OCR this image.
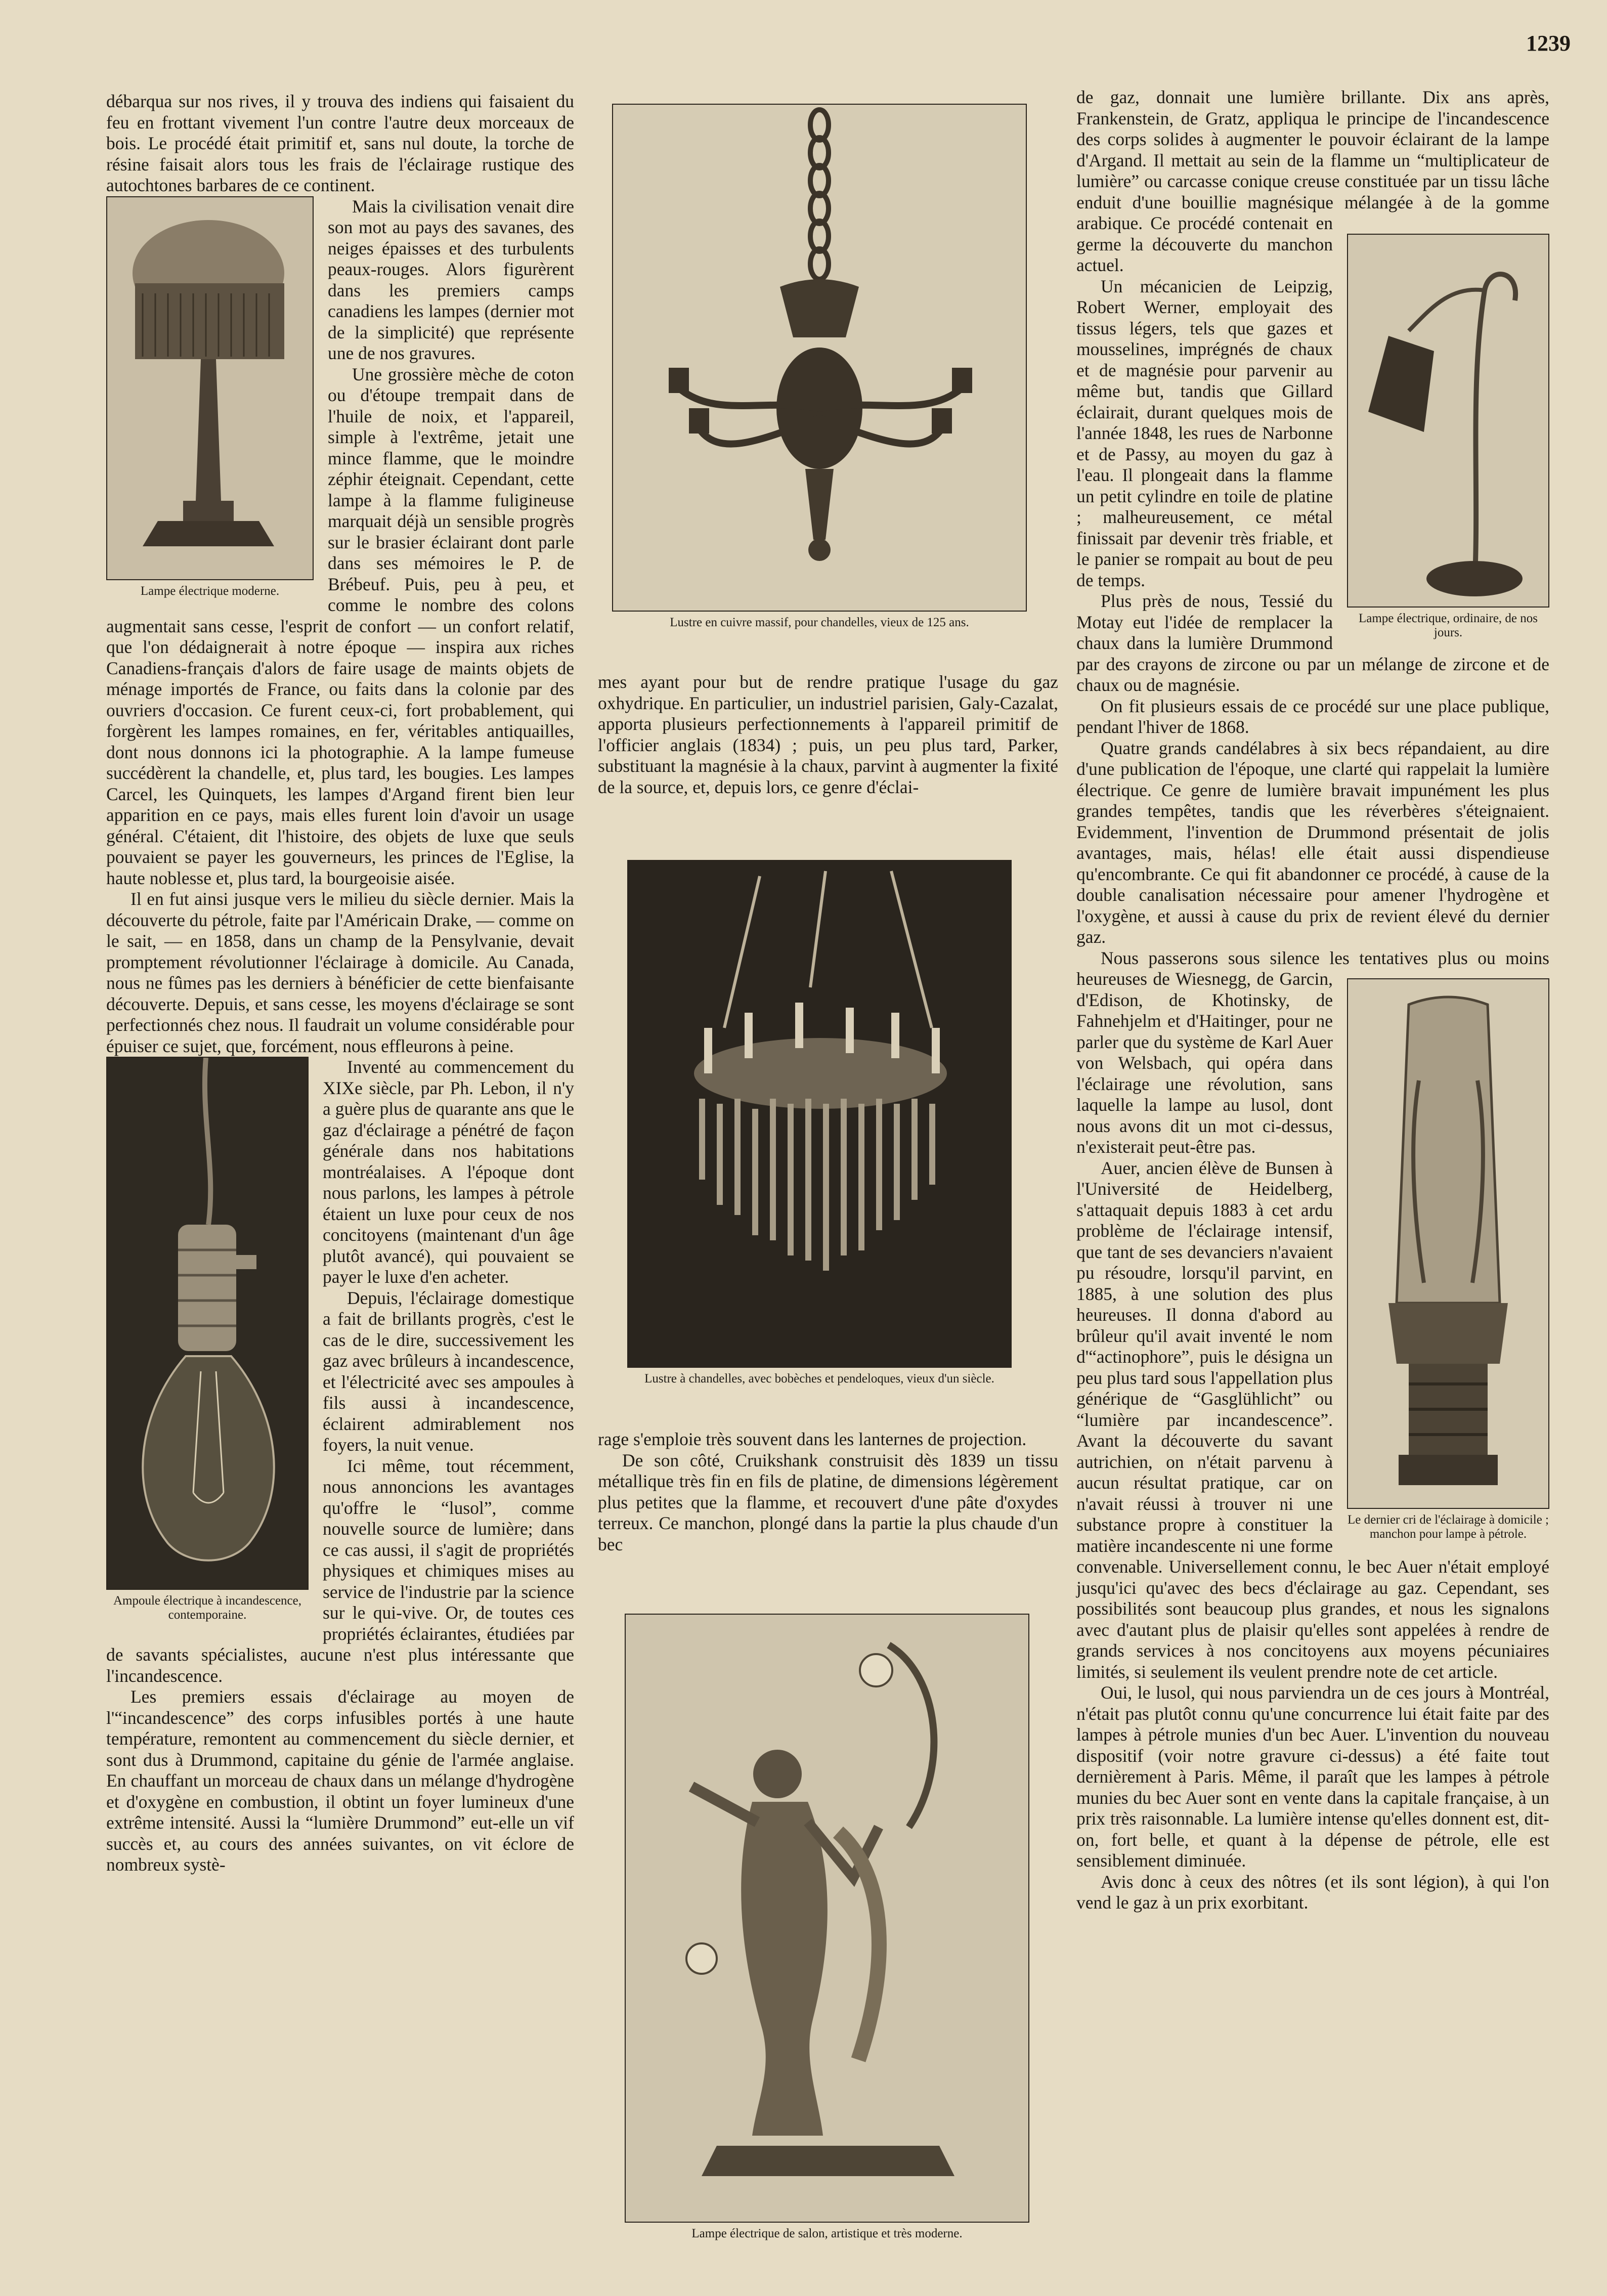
1239

débarqua sur nos rives, il y trouva des indiens qui faisaient du feu en frottant vivement l'un contre l'autre deux morceaux de bois. Le procédé était primitif et, sans nul doute, la torche de résine faisait alors tous les frais de l'éclairage rustique des autochtones barbares de ce continent.

Lampe électrique moderne.

Mais la civilisation venait dire son mot au pays des savanes, des neiges épaisses et des turbulents peaux-rouges. Alors figurèrent dans les premiers camps canadiens les lampes (dernier mot de la simplicité) que représente une de nos gravures.

Une grossière mèche de coton ou d'étoupe trempait dans de l'huile de noix, et l'appareil, simple à l'extrême, jetait une mince flamme, que le moindre zéphir éteignait. Cependant, cette lampe à la flamme fuligineuse marquait déjà un sensible progrès sur le brasier éclairant dont parle dans ses mémoires le P. de Brébeuf. Puis, peu à peu, et comme le nombre des colons augmentait sans cesse, l'esprit de confort — un confort relatif, que l'on dédaignerait à notre époque — inspira aux riches Canadiens-français d'alors de faire usage de maints objets de ménage importés de France, ou faits dans la colonie par des ouvriers d'occasion. Ce furent ceux-ci, fort probablement, qui forgèrent les lampes romaines, en fer, véritables antiquailles, dont nous donnons ici la photographie. A la lampe fumeuse succédèrent la chandelle, et, plus tard, les bougies. Les lampes Carcel, les Quinquets, les lampes d'Argand firent bien leur apparition en ce pays, mais elles furent loin d'avoir un usage général. C'étaient, dit l'histoire, des objets de luxe que seuls pouvaient se payer les gouverneurs, les princes de l'Eglise, la haute noblesse et, plus tard, la bourgeoisie aisée.

Il en fut ainsi jusque vers le milieu du siècle dernier. Mais la découverte du pétrole, faite par l'Américain Drake, — comme on le sait, — en 1858, dans un champ de la Pensylvanie, devait promptement révolutionner l'éclairage à domicile. Au Canada, nous ne fûmes pas les derniers à bénéficier de cette bienfaisante découverte. Depuis, et sans cesse, les moyens d'éclairage se sont perfectionnés chez nous. Il faudrait un volume considérable pour épuiser ce sujet, que, forcément, nous effleurons à peine.

Ampoule électrique à incandescence, contemporaine.

Inventé au commencement du XIXe siècle, par Ph. Lebon, il n'y a guère plus de quarante ans que le gaz d'éclairage a pénétré de façon générale dans nos habitations montréalaises. A l'époque dont nous parlons, les lampes à pétrole étaient un luxe pour ceux de nos concitoyens (maintenant d'un âge plutôt avancé), qui pouvaient se payer le luxe d'en acheter.

Depuis, l'éclairage domestique a fait de brillants progrès, c'est le cas de le dire, successivement les gaz avec brûleurs à incandescence, et l'électricité avec ses ampoules à fils aussi à incandescence, éclairent admirablement nos foyers, la nuit venue.

Ici même, tout récemment, nous annoncions les avantages qu'offre le “lusol”, comme nouvelle source de lumière; dans ce cas aussi, il s'agit de propriétés physiques et chimiques mises au service de l'industrie par la science sur le qui-vive. Or, de toutes ces propriétés éclairantes, étudiées par de savants spécialistes, aucune n'est plus intéressante que l'incandescence.

Les premiers essais d'éclairage au moyen de l'“incandescence” des corps infusibles portés à une haute température, remontent au commencement du siècle dernier, et sont dus à Drummond, capitaine du génie de l'armée anglaise. En chauffant un morceau de chaux dans un mélange d'hydrogène et d'oxygène en combustion, il obtint un foyer lumineux d'une extrême intensité. Aussi la “lumière Drummond” eut-elle un vif succès et, au cours des années suivantes, on vit éclore de nombreux systè-

Lustre en cuivre massif, pour chandelles, vieux de 125 ans.

mes ayant pour but de rendre pratique l'usage du gaz oxhydrique. En particulier, un industriel parisien, Galy-Cazalat, apporta plusieurs perfectionnements à l'appareil primitif de l'officier anglais (1834) ; puis, un peu plus tard, Parker, substituant la magnésie à la chaux, parvint à augmenter la fixité de la source, et, depuis lors, ce genre d'éclai-

Lustre à chandelles, avec bobèches et pendeloques, vieux d'un siècle.

rage s'emploie très souvent dans les lanternes de projection.

De son côté, Cruikshank construisit dès 1839 un tissu métallique très fin en fils de platine, de dimensions légèrement plus petites que la flamme, et recouvert d'une pâte d'oxydes terreux. Ce manchon, plongé dans la partie la plus chaude d'un bec

Lampe électrique de salon, artistique et très moderne.
Lampe électrique, ordinaire, de nos jours.

de gaz, donnait une lumière brillante. Dix ans après, Frankenstein, de Gratz, appliqua le principe de l'incandescence des corps solides à augmenter le pouvoir éclairant de la lampe d'Argand. Il mettait au sein de la flamme un “multiplicateur de lumière” ou carcasse conique creuse constituée par un tissu lâche enduit d'une bouillie magnésique mélangée à de la gomme arabique. Ce procédé contenait en germe la découverte du manchon actuel.

Un mécanicien de Leipzig, Robert Werner, employait des tissus légers, tels que gazes et mousselines, imprégnés de chaux et de magnésie pour parvenir au même but, tandis que Gillard éclairait, durant quelques mois de l'année 1848, les rues de Narbonne et de Passy, au moyen du gaz à l'eau. Il plongeait dans la flamme un petit cylindre en toile de platine ; malheureusement, ce métal finissait par devenir très friable, et le panier se rompait au bout de peu de temps.

Plus près de nous, Tessié du Motay eut l'idée de remplacer la chaux dans la lumière Drummond par des crayons de zircone ou par un mélange de zircone et de chaux ou de magnésie.

On fit plusieurs essais de ce procédé sur une place publique, pendant l'hiver de 1868.

Quatre grands candélabres à six becs répandaient, au dire d'une publication de l'époque, une clarté qui rappelait la lumière électrique. Ce genre de lumière bravait impunément les plus grandes tempêtes, tandis que les réverbères s'éteignaient. Evidemment, l'invention de Drummond présentait de jolis avantages, mais, hélas! elle était aussi dispendieuse qu'encombrante. Ce qui fit abandonner ce procédé, à cause de la double canalisation nécessaire pour amener l'hydrogène et l'oxygène, et aussi à cause du prix de revient élevé du dernier gaz.

Le dernier cri de l'éclairage à domicile ; manchon pour lampe à pétrole.

Nous passerons sous silence les tentatives plus ou moins heureuses de Wiesnegg, de Garcin, d'Edison, de Khotinsky, de Fahnehjelm et d'Haitinger, pour ne parler que du système de Karl Auer von Welsbach, qui opéra dans l'éclairage une révolution, sans laquelle la lampe au lusol, dont nous avons dit un mot ci-dessus, n'existerait peut-être pas.

Auer, ancien élève de Bunsen à l'Université de Heidelberg, s'attaquait depuis 1883 à cet ardu problème de l'éclairage intensif, que tant de ses devanciers n'avaient pu résoudre, lorsqu'il parvint, en 1885, à une solution des plus heureuses. Il donna d'abord au brûleur qu'il avait inventé le nom d'“actinophore”, puis le désigna un peu plus tard sous l'appellation plus générique de “Gasglühlicht” ou “lumière par incandescence”. Avant la découverte du savant autrichien, on n'était parvenu à aucun résultat pratique, car on n'avait réussi à trouver ni une substance propre à constituer la matière incandescente ni une forme convenable. Universellement connu, le bec Auer n'était employé jusqu'ici qu'avec des becs d'éclairage au gaz. Cependant, ses possibilités sont beaucoup plus grandes, et nous les signalons avec d'autant plus de plaisir qu'elles sont appelées à rendre de grands services à nos concitoyens aux moyens pécuniaires limités, si seulement ils veulent prendre note de cet article.

Oui, le lusol, qui nous parviendra un de ces jours à Montréal, n'était pas plutôt connu qu'une concurrence lui était faite par des lampes à pétrole munies d'un bec Auer. L'invention du nouveau dispositif (voir notre gravure ci-dessus) a été faite tout dernièrement à Paris. Même, il paraît que les lampes à pétrole munies du bec Auer sont en vente dans la capitale française, à un prix très raisonnable. La lumière intense qu'elles donnent est, dit-on, fort belle, et quant à la dépense de pétrole, elle est sensiblement diminuée.

Avis donc à ceux des nôtres (et ils sont légion), à qui l'on vend le gaz à un prix exorbitant.
